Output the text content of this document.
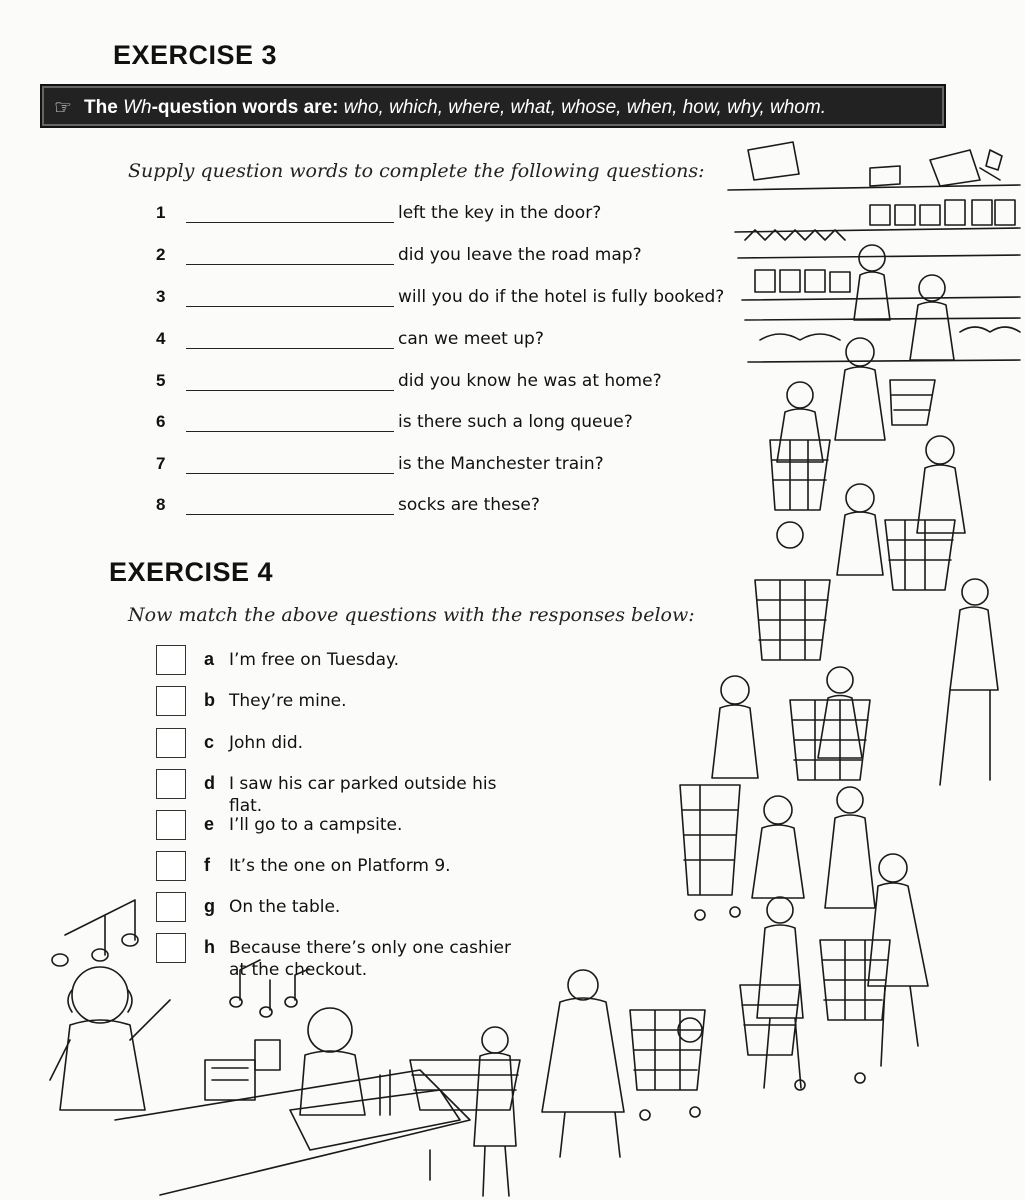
EXERCISE 3
☞ The Wh-question words are: who, which, where, what, whose, when, how, why, whom.
Supply question words to complete the following questions:
1	left the key in the door?
2	did you leave the road map?
3	will you do if the hotel is fully booked?
4	can we meet up?
5	did you know he was at home?
6	is there such a long queue?
7	is the Manchester train?
8	socks are these?
EXERCISE 4
Now match the above questions with the responses below:
a I’m free on Tuesday.
b They’re mine.
c John did.
d I saw his car parked outside his flat.
e I’ll go to a campsite.
f It’s the one on Platform 9.
g On the table.
h Because there’s only one cashier at the checkout.
